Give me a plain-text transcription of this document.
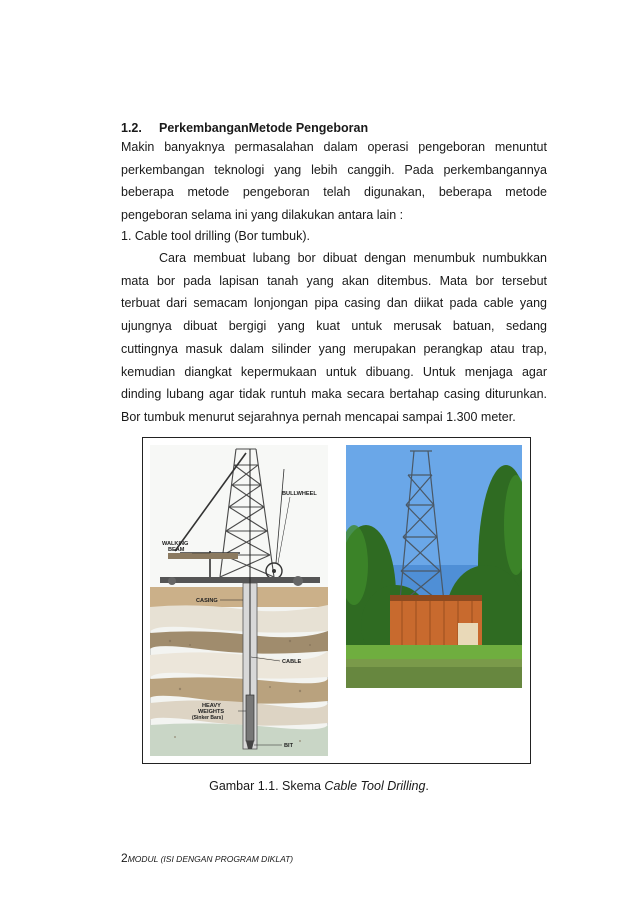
1.2. PerkembanganMetode Pengeboran
Makin banyaknya permasalahan dalam operasi pengeboran menuntut
perkembangan teknologi yang lebih canggih. Pada perkembangannya
beberapa metode pengeboran telah digunakan, beberapa metode
pengeboran selama ini yang dilakukan antara lain :
1. Cable tool drilling (Bor tumbuk).
Cara membuat lubang bor dibuat dengan menumbuk numbukkan
mata bor pada lapisan tanah yang akan ditembus. Mata bor tersebut
terbuat dari semacam lonjongan pipa casing dan diikat pada cable yang
ujungnya dibuat bergigi yang kuat untuk merusak batuan, sedang
cuttingnya masuk dalam silinder yang merupakan perangkap atau trap,
kemudian diangkat kepermukaan untuk dibuang. Untuk menjaga agar
dinding lubang agar tidak runtuh maka secara bertahap casing diturunkan.
Bor tumbuk menurut sejarahnya pernah mencapai sampai 1.300 meter.
WALKING
BEAM
BULLWHEEL
CASING
CABLE
HEAVY
WEIGHTS
(Sinker Bars)
BIT
Gambar 1.1. Skema Cable Tool Drilling.
2MODUL (ISI DENGAN PROGRAM DIKLAT)
